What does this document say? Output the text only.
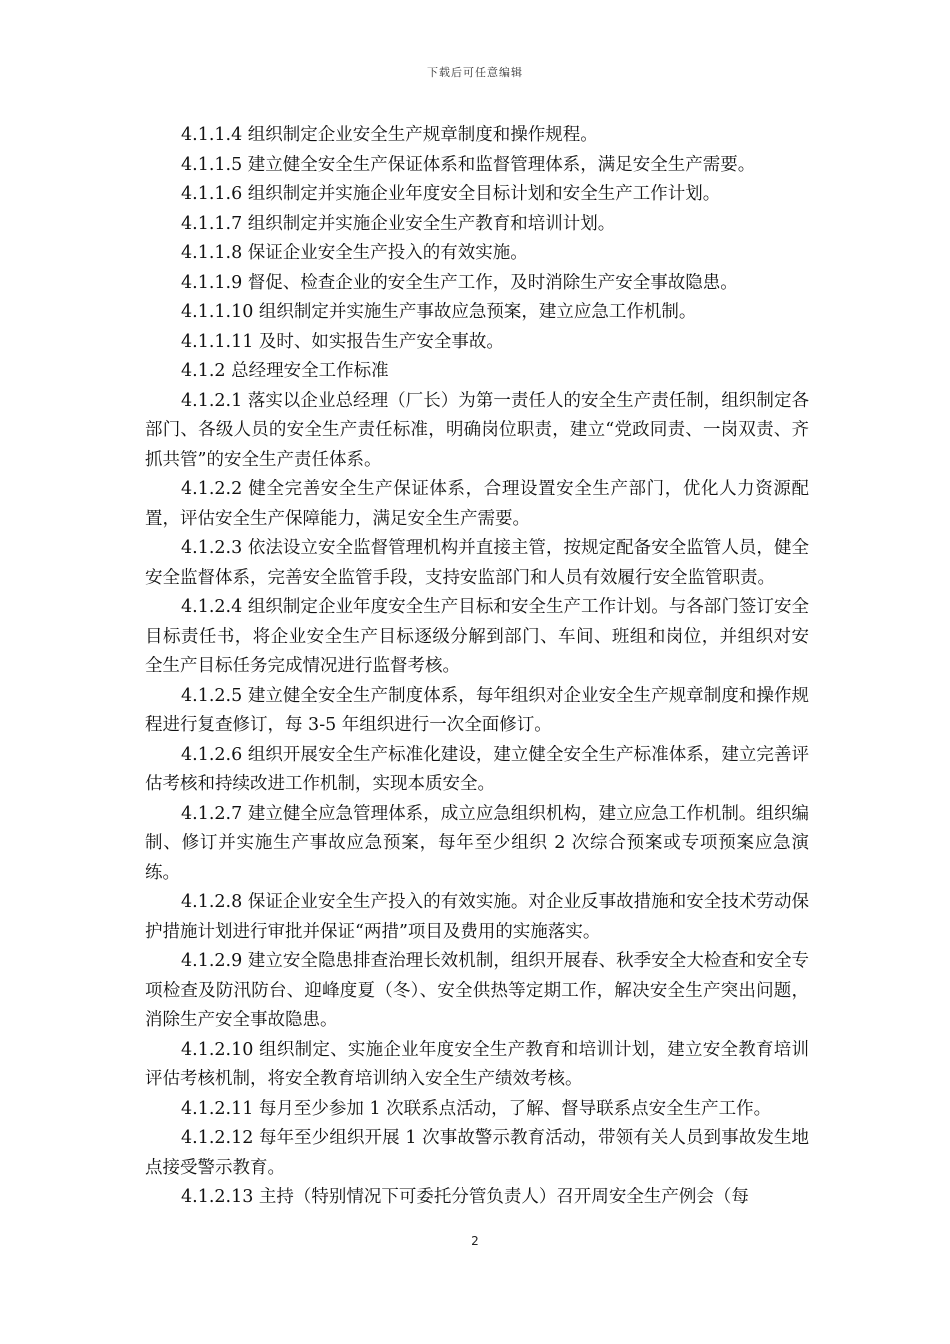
下载后可任意编辑

4.1.1.4 组织制定企业安全生产规章制度和操作规程。

4.1.1.5 建立健全安全生产保证体系和监督管理体系，满足安全生产需要。

4.1.1.6 组织制定并实施企业年度安全目标计划和安全生产工作计划。

4.1.1.7 组织制定并实施企业安全生产教育和培训计划。

4.1.1.8 保证企业安全生产投入的有效实施。

4.1.1.9 督促、检查企业的安全生产工作，及时消除生产安全事故隐患。

4.1.1.10 组织制定并实施生产事故应急预案，建立应急工作机制。

4.1.1.11 及时、如实报告生产安全事故。

4.1.2 总经理安全工作标准

4.1.2.1 落实以企业总经理（厂长）为第一责任人的安全生产责任制，组织制定各部门、各级人员的安全生产责任标准，明确岗位职责，建立“党政同责、一岗双责、齐抓共管”的安全生产责任体系。

4.1.2.2 健全完善安全生产保证体系，合理设置安全生产部门，优化人力资源配置，评估安全生产保障能力，满足安全生产需要。

4.1.2.3 依法设立安全监督管理机构并直接主管，按规定配备安全监管人员，健全安全监督体系，完善安全监管手段，支持安监部门和人员有效履行安全监管职责。

4.1.2.4 组织制定企业年度安全生产目标和安全生产工作计划。与各部门签订安全目标责任书，将企业安全生产目标逐级分解到部门、车间、班组和岗位，并组织对安全生产目标任务完成情况进行监督考核。

4.1.2.5 建立健全安全生产制度体系，每年组织对企业安全生产规章制度和操作规程进行复查修订，每 3-5 年组织进行一次全面修订。

4.1.2.6 组织开展安全生产标准化建设，建立健全安全生产标准体系，建立完善评估考核和持续改进工作机制，实现本质安全。

4.1.2.7 建立健全应急管理体系，成立应急组织机构，建立应急工作机制。组织编制、修订并实施生产事故应急预案，每年至少组织 2 次综合预案或专项预案应急演练。

4.1.2.8 保证企业安全生产投入的有效实施。对企业反事故措施和安全技术劳动保护措施计划进行审批并保证“两措”项目及费用的实施落实。

4.1.2.9 建立安全隐患排查治理长效机制，组织开展春、秋季安全大检查和安全专项检查及防汛防台、迎峰度夏（冬）、安全供热等定期工作，解决安全生产突出问题，消除生产安全事故隐患。

4.1.2.10 组织制定、实施企业年度安全生产教育和培训计划，建立安全教育培训评估考核机制，将安全教育培训纳入安全生产绩效考核。

4.1.2.11 每月至少参加 1 次联系点活动，了解、督导联系点安全生产工作。

4.1.2.12 每年至少组织开展 1 次事故警示教育活动，带领有关人员到事故发生地点接受警示教育。

4.1.2.13 主持（特别情况下可委托分管负责人）召开周安全生产例会（每

2
